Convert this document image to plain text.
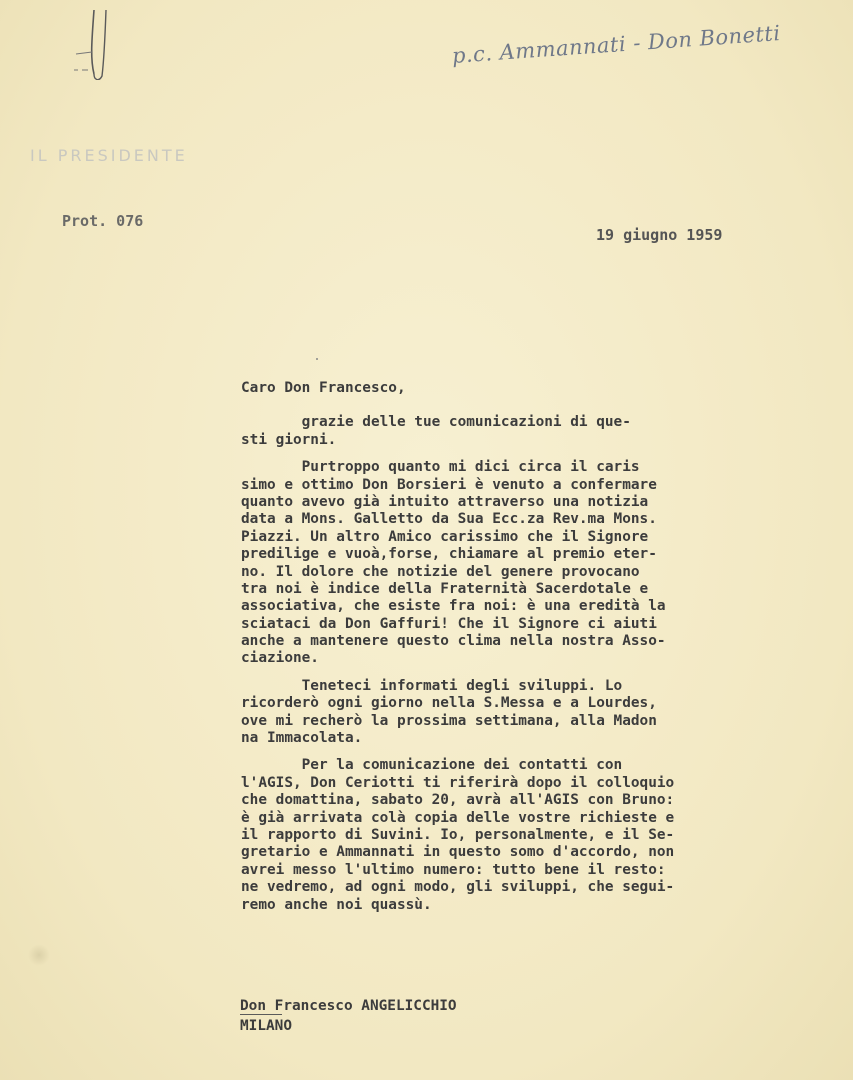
p.c. Ammannati - Don Bonetti
IL PRESIDENTE
Prot. 076
19 giugno 1959
Caro Don Francesco,
grazie delle tue comunicazioni di que-
sti giorni.
Purtroppo quanto mi dici circa il caris
simo e ottimo Don Borsieri è venuto a confermare
quanto avevo già intuito attraverso una notizia
data a Mons. Galletto da Sua Ecc.za Rev.ma Mons.
Piazzi. Un altro Amico carissimo che il Signore
predilige e vuoà,forse, chiamare al premio eter-
no. Il dolore che notizie del genere provocano
tra noi è indice della Fraternità Sacerdotale e
associativa, che esiste fra noi: è una eredità la
sciataci da Don Gaffuri! Che il Signore ci aiuti
anche a mantenere questo clima nella nostra Asso-
ciazione.
Teneteci informati degli sviluppi. Lo
ricorderò ogni giorno nella S.Messa e a Lourdes,
ove mi recherò la prossima settimana, alla Madon
na Immacolata.
Per la comunicazione dei contatti con
l'AGIS, Don Ceriotti ti riferirà dopo il colloquio
che domattina, sabato 20, avrà all'AGIS con Bruno:
è già arrivata colà copia delle vostre richieste e
il rapporto di Suvini. Io, personalmente, e il Se-
gretario e Ammannati in questo somo d'accordo, non
avrei messo l'ultimo numero: tutto bene il resto:
ne vedremo, ad ogni modo, gli sviluppi, che segui-
remo anche noi quassù.
Don Francesco ANGELICCHIO
MILANO
